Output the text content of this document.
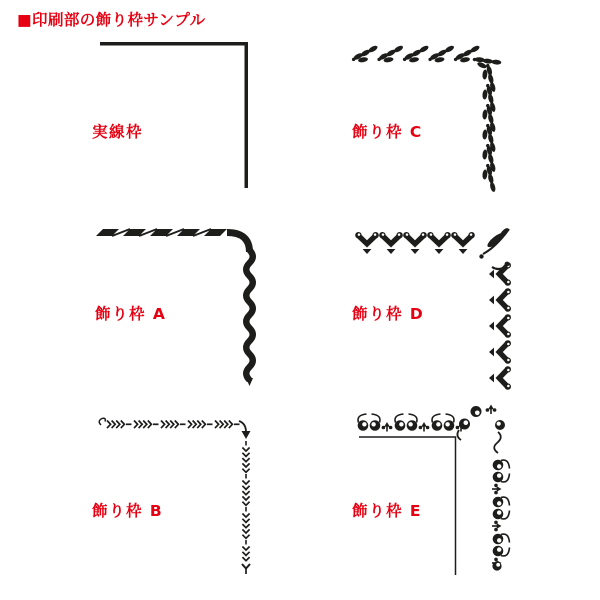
■印刷部の飾り枠サンプル
実線枠	飾り枠 C
飾り枠 A	飾り枠 D
飾り枠 B	飾り枠 E
